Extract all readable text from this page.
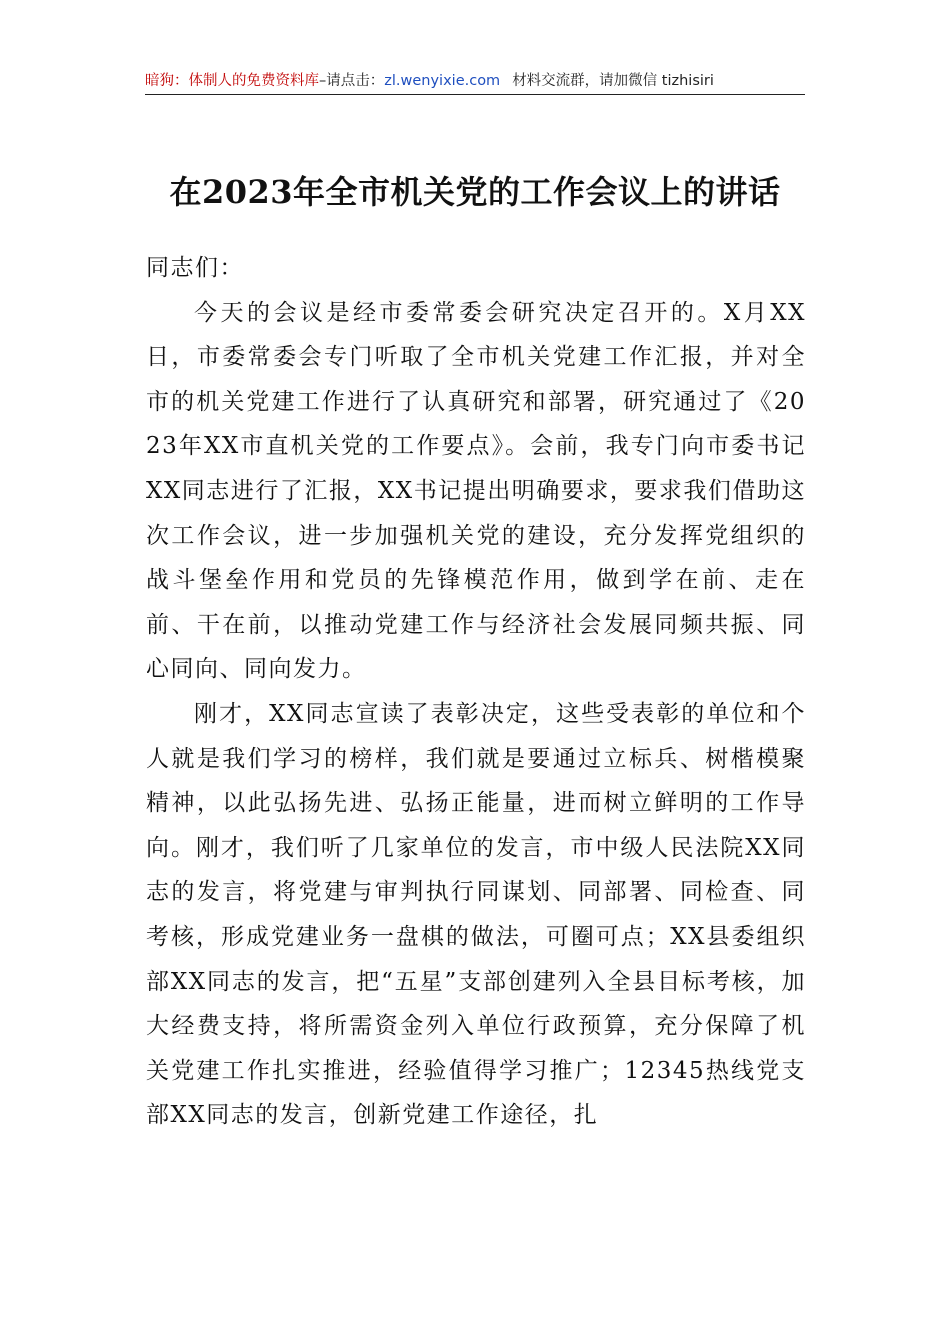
暗狗：体制人的免费资料库–请点击：zl.wenyixie.com 材料交流群，请加微信 tizhisiri
在2023年全市机关党的工作会议上的讲话

同志们：

今天的会议是经市委常委会研究决定召开的。X月XX日，市委常委会专门听取了全市机关党建工作汇报，并对全市的机关党建工作进行了认真研究和部署，研究通过了《2023年XX市直机关党的工作要点》。会前，我专门向市委书记XX同志进行了汇报，XX书记提出明确要求，要求我们借助这次工作会议，进一步加强机关党的建设，充分发挥党组织的战斗堡垒作用和党员的先锋模范作用，做到学在前、走在前、干在前，以推动党建工作与经济社会发展同频共振、同心同向、同向发力。

刚才，XX同志宣读了表彰决定，这些受表彰的单位和个人就是我们学习的榜样，我们就是要通过立标兵、树楷模聚精神，以此弘扬先进、弘扬正能量，进而树立鲜明的工作导向。刚才，我们听了几家单位的发言，市中级人民法院XX同志的发言，将党建与审判执行同谋划、同部署、同检查、同考核，形成党建业务一盘棋的做法，可圈可点；XX县委组织部XX同志的发言，把“五星”支部创建列入全县目标考核，加大经费支持，将所需资金列入单位行政预算，充分保障了机关党建工作扎实推进，经验值得学习推广；12345热线党支部XX同志的发言，创新党建工作途径，扎
